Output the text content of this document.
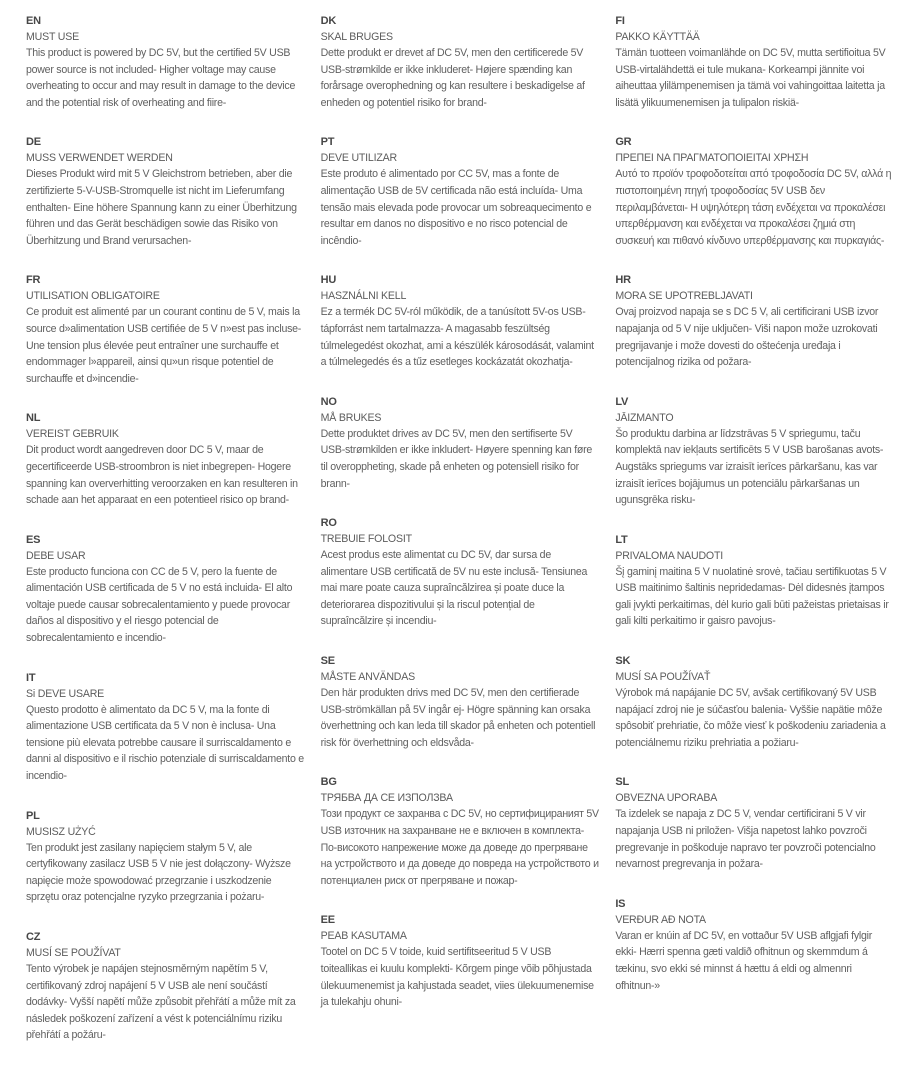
EN
MUST USE
This product is powered by DC 5V, but the certified 5V USB power source is not included- Higher voltage may cause overheating to occur and may result in damage to the device and the potential risk of overheating and fiire-
DE
MUSS VERWENDET WERDEN
Dieses Produkt wird mit 5 V Gleichstrom betrieben, aber die zertifizierte 5-V-USB-Stromquelle ist nicht im Lieferumfang enthalten- Eine höhere Spannung kann zu einer Überhitzung führen und das Gerät beschädigen sowie das Risiko von Überhitzung und Brand verursachen-
FR
UTILISATION OBLIGATOIRE
Ce produit est alimenté par un courant continu de 5 V, mais la source d»alimentation USB certifiée de 5 V n»est pas incluse- Une tension plus élevée peut entraîner une surchauffe et endommager l»appareil, ainsi qu»un risque potentiel de surchauffe et d»incendie-
NL
VEREIST GEBRUIK
Dit product wordt aangedreven door DC 5 V, maar de gecertificeerde USB-stroombron is niet inbegrepen- Hogere spanning kan oververhitting veroorzaken en kan resulteren in schade aan het apparaat en een potentieel risico op brand-
ES
DEBE USAR
Este producto funciona con CC de 5 V, pero la fuente de alimentación USB certificada de 5 V no está incluida- El alto voltaje puede causar sobrecalentamiento y puede provocar daños al dispositivo y el riesgo potencial de sobrecalentamiento e incendio-
IT
Si DEVE USARE
Questo prodotto è alimentato da DC 5 V, ma la fonte di alimentazione USB certificata da 5 V non è inclusa- Una tensione più elevata potrebbe causare il surriscaldamento e danni al dispositivo e il rischio potenziale di surriscaldamento e incendio-
PL
MUSISZ UŻYĆ
Ten produkt jest zasilany napięciem stałym 5 V, ale certyfikowany zasilacz USB 5 V nie jest dołączony- Wyższe napięcie może spowodować przegrzanie i uszkodzenie sprzętu oraz potencjalne ryzyko przegrzania i pożaru-
CZ
MUSÍ SE POUŽÍVAT
Tento výrobek je napájen stejnosměrným napětím 5 V, certifikovaný zdroj napájení 5 V USB ale není součástí dodávky- Vyšší napětí může způsobit přehřátí a může mít za následek poškození zařízení a vést k potenciálnímu riziku přehřátí a požáru-
DK
SKAL BRUGES
Dette produkt er drevet af DC 5V, men den certificerede 5V USB-strømkilde er ikke inkluderet- Højere spænding kan forårsage overophedning og kan resultere i beskadigelse af enheden og potentiel risiko for brand-
PT
DEVE UTILIZAR
Este produto é alimentado por CC 5V, mas a fonte de alimentação USB de 5V certificada não está incluída- Uma tensão mais elevada pode provocar um sobreaquecimento e resultar em danos no dispositivo e no risco potencial de incêndio-
HU
HASZNÁLNI KELL
Ez a termék DC 5V-ról működik, de a tanúsított 5V-os USB-tápforrást nem tartalmazza- A magasabb feszültség túlmelegedést okozhat, ami a készülék károsodását, valamint a túlmelegedés és a tűz esetleges kockázatát okozhatja-
NO
MÅ BRUKES
Dette produktet drives av DC 5V, men den sertifiserte 5V USB-strømkilden er ikke inkludert- Høyere spenning kan føre til overoppheting, skade på enheten og potensiell risiko for brann-
RO
TREBUIE FOLOSIT
Acest produs este alimentat cu DC 5V, dar sursa de alimentare USB certificată de 5V nu este inclusă- Tensiunea mai mare poate cauza supraîncălzirea și poate duce la deteriorarea dispozitivului și la riscul potențial de supraîncălzire și incendiu-
SE
MÅSTE ANVÄNDAS
Den här produkten drivs med DC 5V, men den certifierade USB-strömkällan på 5V ingår ej- Högre spänning kan orsaka överhettning och kan leda till skador på enheten och potentiell risk för överhettning och eldsvåda-
BG
ТРЯБВА ДА СЕ ИЗПОЛЗВА
Този продукт се захранва с DC 5V, но сертифицираният 5V USB източник на захранване не е включен в комплекта- По-високото напрежение може да доведе до прегряване на устройството и да доведе до повреда на устройството и потенциален риск от прегряване и пожар-
EE
PEAB KASUTAMA
Tootel on DC 5 V toide, kuid sertifitseeritud 5 V USB toiteallikas ei kuulu komplekti- Kõrgem pinge võib põhjustada ülekuumenemist ja kahjustada seadet, viies ülekuumenemise ja tulekahju ohuni-
FI
PAKKO KÄYTTÄÄ
Tämän tuotteen voimanlähde on DC 5V, mutta sertifioitua 5V USB-virtalähdettä ei tule mukana- Korkeampi jännite voi aiheuttaa ylilämpenemisen ja tämä voi vahingoittaa laitetta ja lisätä ylikuumenemisen ja tulipalon riskiä-
GR
ΠΡΕΠΕΙ ΝΑ ΠΡΑΓΜΑΤΟΠΟΙΕΙΤΑΙ ΧΡΗΣΗ
Αυτό το προϊόν τροφοδοτείται από τροφοδοσία DC 5V, αλλά η πιστοποιημένη πηγή τροφοδοσίας 5V USB δεν περιλαμβάνεται- Η υψηλότερη τάση ενδέχεται να προκαλέσει υπερθέρμανση και ενδέχεται να προκαλέσει ζημιά στη συσκευή και πιθανό κίνδυνο υπερθέρμανσης και πυρκαγιάς-
HR
MORA SE UPOTREBLJAVATI
Ovaj proizvod napaja se s DC 5 V, ali certificirani USB izvor napajanja od 5 V nije uključen- Viši napon može uzrokovati pregrijavanje i može dovesti do oštećenja uređaja i potencijalnog rizika od požara-
LV
JĀIZMANTO
Šo produktu darbina ar līdzstrāvas 5 V spriegumu, taču komplektā nav iekļauts sertificēts 5 V USB barošanas avots- Augstāks spriegums var izraisīt ierīces pārkaršanu, kas var izraisīt ierīces bojājumus un potenciālu pārkaršanas un ugunsgrēka risku-
LT
PRIVALOMA NAUDOTI
Šį gaminį maitina 5 V nuolatinė srovė, tačiau sertifikuotas 5 V USB maitinimo šaltinis nepridedamas- Dėl didesnės įtampos gali įvykti perkaitimas, dėl kurio gali būti pažeistas prietaisas ir gali kilti perkaitimo ir gaisro pavojus-
SK
MUSÍ SA POUŽÍVAŤ
Výrobok má napájanie DC 5V, avšak certifikovaný 5V USB napájací zdroj nie je súčasťou balenia- Vyššie napätie môže spôsobiť prehriatie, čo môže viesť k poškodeniu zariadenia a potenciálnemu riziku prehriatia a požiaru-
SL
OBVEZNA UPORABA
Ta izdelek se napaja z DC 5 V, vendar certificirani 5 V vir napajanja USB ni priložen- Višja napetost lahko povzroči pregrevanje in poškoduje napravo ter povzroči potencialno nevarnost pregrevanja in požara-
IS
VERÐUR AÐ NOTA
Varan er knúin af DC 5V, en vottaður 5V USB aflgjafi fylgir ekki- Hærri spenna gæti valdið ofhitnun og skemmdum á tækinu, svo ekki sé minnst á hættu á eldi og almennri ofhitnun-»
